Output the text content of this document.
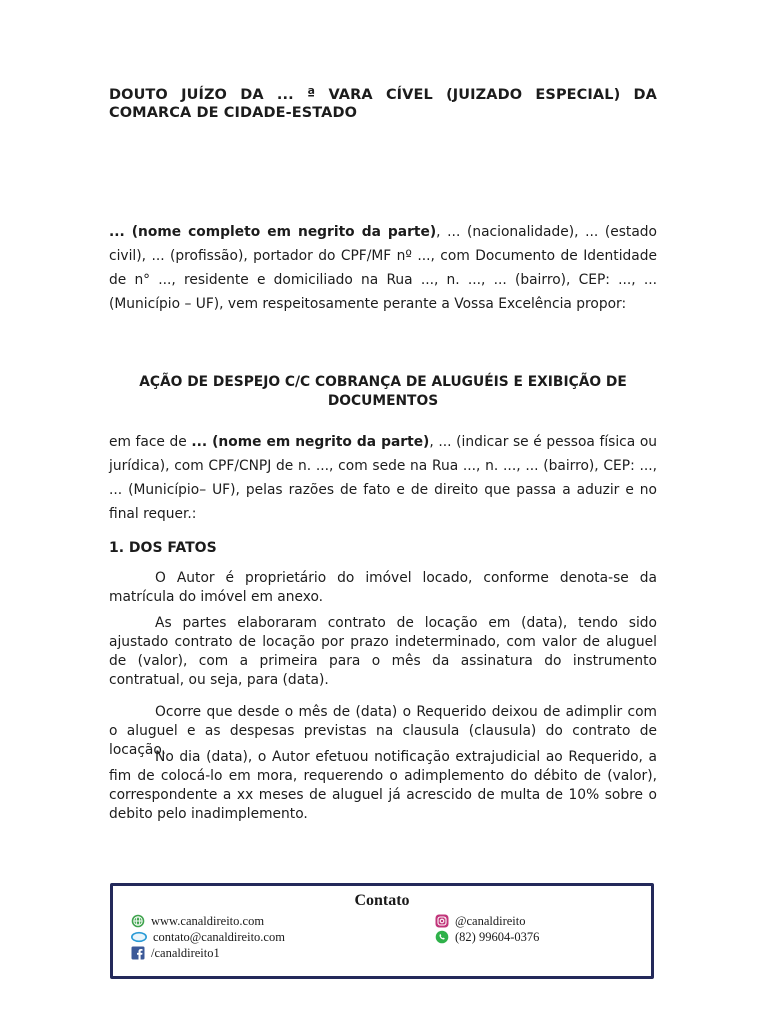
DOUTO JUÍZO DA ... ª VARA CÍVEL (JUIZADO ESPECIAL) DA
COMARCA DE CIDADE-ESTADO
... (nome completo em negrito da parte), ... (nacionalidade), ... (estado civil), ... (profissão), portador do CPF/MF nº ..., com Documento de Identidade de n° ..., residente e domiciliado na Rua ..., n. ..., ... (bairro), CEP: ..., ... (Município – UF), vem respeitosamente perante a Vossa Excelência propor:
AÇÃO DE DESPEJO C/C COBRANÇA DE ALUGUÉIS E EXIBIÇÃO DE
DOCUMENTOS
em face de ... (nome em negrito da parte), ... (indicar se é pessoa física ou jurídica), com CPF/CNPJ de n. ..., com sede na Rua ..., n. ..., ... (bairro), CEP: ..., ... (Município– UF), pelas razões de fato e de direito que passa a aduzir e no final requer.:
1. DOS FATOS

O Autor é proprietário do imóvel locado, conforme denota-se da matrícula do imóvel em anexo.

As partes elaboraram contrato de locação em (data), tendo sido ajustado contrato de locação por prazo indeterminado, com valor de aluguel de (valor), com a primeira para o mês da assinatura do instrumento contratual, ou seja, para (data).

Ocorre que desde o mês de (data) o Requerido deixou de adimplir com o aluguel e as despesas previstas na clausula (clausula) do contrato de locação.

No dia (data), o Autor efetuou notificação extrajudicial ao Requerido, a fim de colocá-lo em mora, requerendo o adimplemento do débito de (valor), correspondente a xx meses de aluguel já acrescido de multa de 10% sobre o debito pelo inadimplemento.

Contato
www.canaldireito.com
contato@canaldireito.com
/canaldireito1
@canaldireito
(82) 99604-0376
